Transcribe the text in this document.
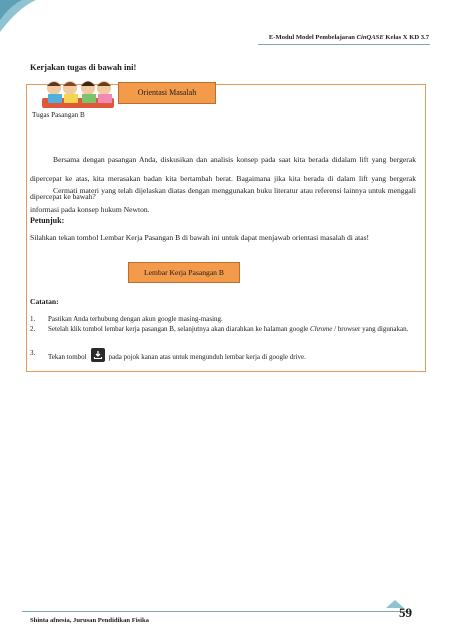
E-Modul Model Pembelajaran CinQASE Kelas X KD 3.7
Kerjakan tugas di bawah ini!
Orientasi Masalah
Tugas Pasangan B
Bersama dengan pasangan Anda, diskusikan dan analisis konsep pada saat kita berada didalam lift yang bergerak dipercepat ke atas, kita merasakan badan kita bertambah berat. Bagaimana jika kita berada di dalam lift yang bergerak dipercepat ke bawah?
Cermati materi yang telah dijelaskan diatas dengan menggunakan buku literatur atau referensi lainnya untuk menggali informasi pada konsep hukum Newton.
Petunjuk:
Silahkan tekan tombol Lembar Kerja Pasangan B di bawah ini untuk dapat menjawab orientasi masalah di atas!
Lembar Kerja Pasangan B
Catatan:
1. Pastikan Anda terhubung dengan akun google masing-masing.
2. Setelah klik tombol lembar kerja pasangan B, selanjutnya akan diarahkan ke halaman google Chrome / browser yang digunakan.
3. Tekan tombol	pada pojok kanan atas untuk mengunduh lembar kerja di google drive.
Shinta afnesia, Jurusan Pendidikan Fisika
59
